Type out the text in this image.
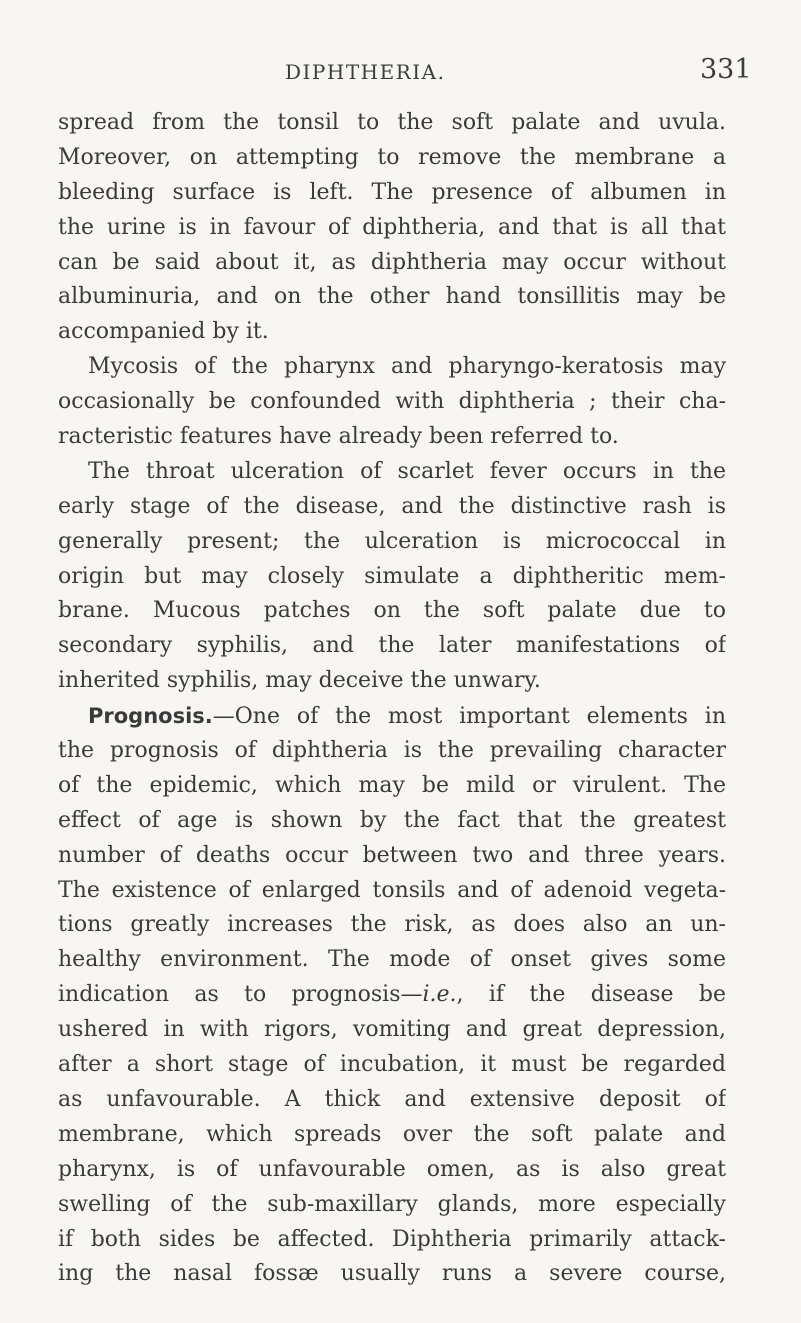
DIPHTHERIA.	331
spread from the tonsil to the soft palate and uvula.
Moreover, on attempting to remove the membrane a
bleeding surface is left. The presence of albumen in
the urine is in favour of diphtheria, and that is all that
can be said about it, as diphtheria may occur without
albuminuria, and on the other hand tonsillitis may be
accompanied by it.
Mycosis of the pharynx and pharyngo-keratosis may
occasionally be confounded with diphtheria ; their cha-
racteristic features have already been referred to.
The throat ulceration of scarlet fever occurs in the
early stage of the disease, and the distinctive rash is
generally present; the ulceration is micrococcal in
origin but may closely simulate a diphtheritic mem-
brane. Mucous patches on the soft palate due to
secondary syphilis, and the later manifestations of
inherited syphilis, may deceive the unwary.
Prognosis.—One of the most important elements in
the prognosis of diphtheria is the prevailing character
of the epidemic, which may be mild or virulent. The
effect of age is shown by the fact that the greatest
number of deaths occur between two and three years.
The existence of enlarged tonsils and of adenoid vegeta-
tions greatly increases the risk, as does also an un-
healthy environment. The mode of onset gives some
indication as to prognosis—i.e., if the disease be
ushered in with rigors, vomiting and great depression,
after a short stage of incubation, it must be regarded
as unfavourable. A thick and extensive deposit of
membrane, which spreads over the soft palate and
pharynx, is of unfavourable omen, as is also great
swelling of the sub-maxillary glands, more especially
if both sides be affected. Diphtheria primarily attack-
ing the nasal fossæ usually runs a severe course,
